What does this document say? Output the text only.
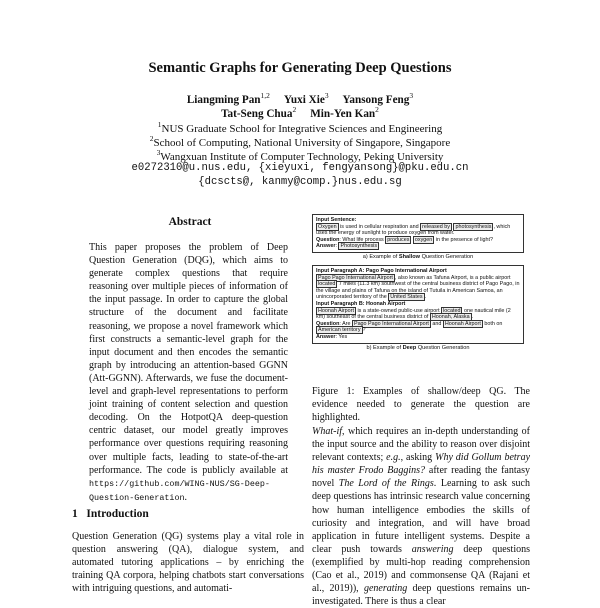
Semantic Graphs for Generating Deep Questions
Liangming Pan$^{1,2}$ Yuxi Xie$^3$ Yansong Feng$^3$
Tat-Seng Chua$^2$ Min-Yen Kan$^2$
$^1$NUS Graduate School for Integrative Sciences and Engineering
$^2$School of Computing, National University of Singapore, Singapore
$^3$Wangxuan Institute of Computer Technology, Peking University
e0272310@u.nus.edu, {xieyuxi, fengyansong}@pku.edu.cn
{dcscts@, kanmy@comp.}nus.edu.sg
Abstract
This paper proposes the problem of Deep Question Generation (DQG), which aims to generate complex questions that require reasoning over multiple pieces of information of the input passage. In order to capture the global structure of the document and facilitate reasoning, we propose a novel framework which first constructs a semantic-level graph for the input document and then encodes the semantic graph by introducing an attention-based GGNN (Att-GGNN). Afterwards, we fuse the document-level and graph-level representations to perform joint training of content selection and question decoding. On the HotpotQA deep-question centric dataset, our model greatly improves performance over questions requiring reasoning over multiple facts, leading to state-of-the-art performance. The code is publicly available at https://github.com/WING-NUS/SG-Deep-Question-Generation.
1 Introduction
Question Generation (QG) systems play a vital role in question answering (QA), dialogue system, and automated tutoring applications – by enriching the training QA corpora, helping chatbots start conversations with intriguing questions, and automati-
Input Sentence:
Oxygen is used in cellular respiration and released by photosynthesis , which uses the energy of sunlight to produce oxygen from water.
Question: What life process produces oxygen in the presence of light?
Answer: Photosynthesis
a) Example of Shallow Question Generation
Input Paragraph A: Pago Pago International Airport
Pago Pago International Airport , also known as Tafuna Airport, is a public airport located 7 miles (11.3 km) southwest of the central business district of Pago Pago, in the village and plains of Tafuna on the island of Tutuila in American Samoa, an unincorporated territory of the United States .
Input Paragraph B: Hoonah Airport
Hoonah Airport is a state-owned public-use airport located one nautical mile (2 km) southeast of the central business district of Hoonah, Alaska .
Question: Are Pago Pago International Airport and Hoonah Airport both on American territory ?
Answer: Yes
b) Example of Deep Question Generation
Figure 1: Examples of shallow/deep QG. The evidence needed to generate the question are highlighted.
What-if, which requires an in-depth understanding of the input source and the ability to reason over disjoint relevant contexts; e.g., asking Why did Gollum betray his master Frodo Baggins? after reading the fantasy novel The Lord of the Rings. Learning to ask such deep questions has intrinsic research value concerning how human intelligence embodies the skills of curiosity and integration, and will have broad application in future intelligent systems. Despite a clear push towards answering deep questions (exemplified by multi-hop reading comprehension (Cao et al., 2019) and commonsense QA (Rajani et al., 2019)), generating deep questions remains un-investigated. There is thus a clear
